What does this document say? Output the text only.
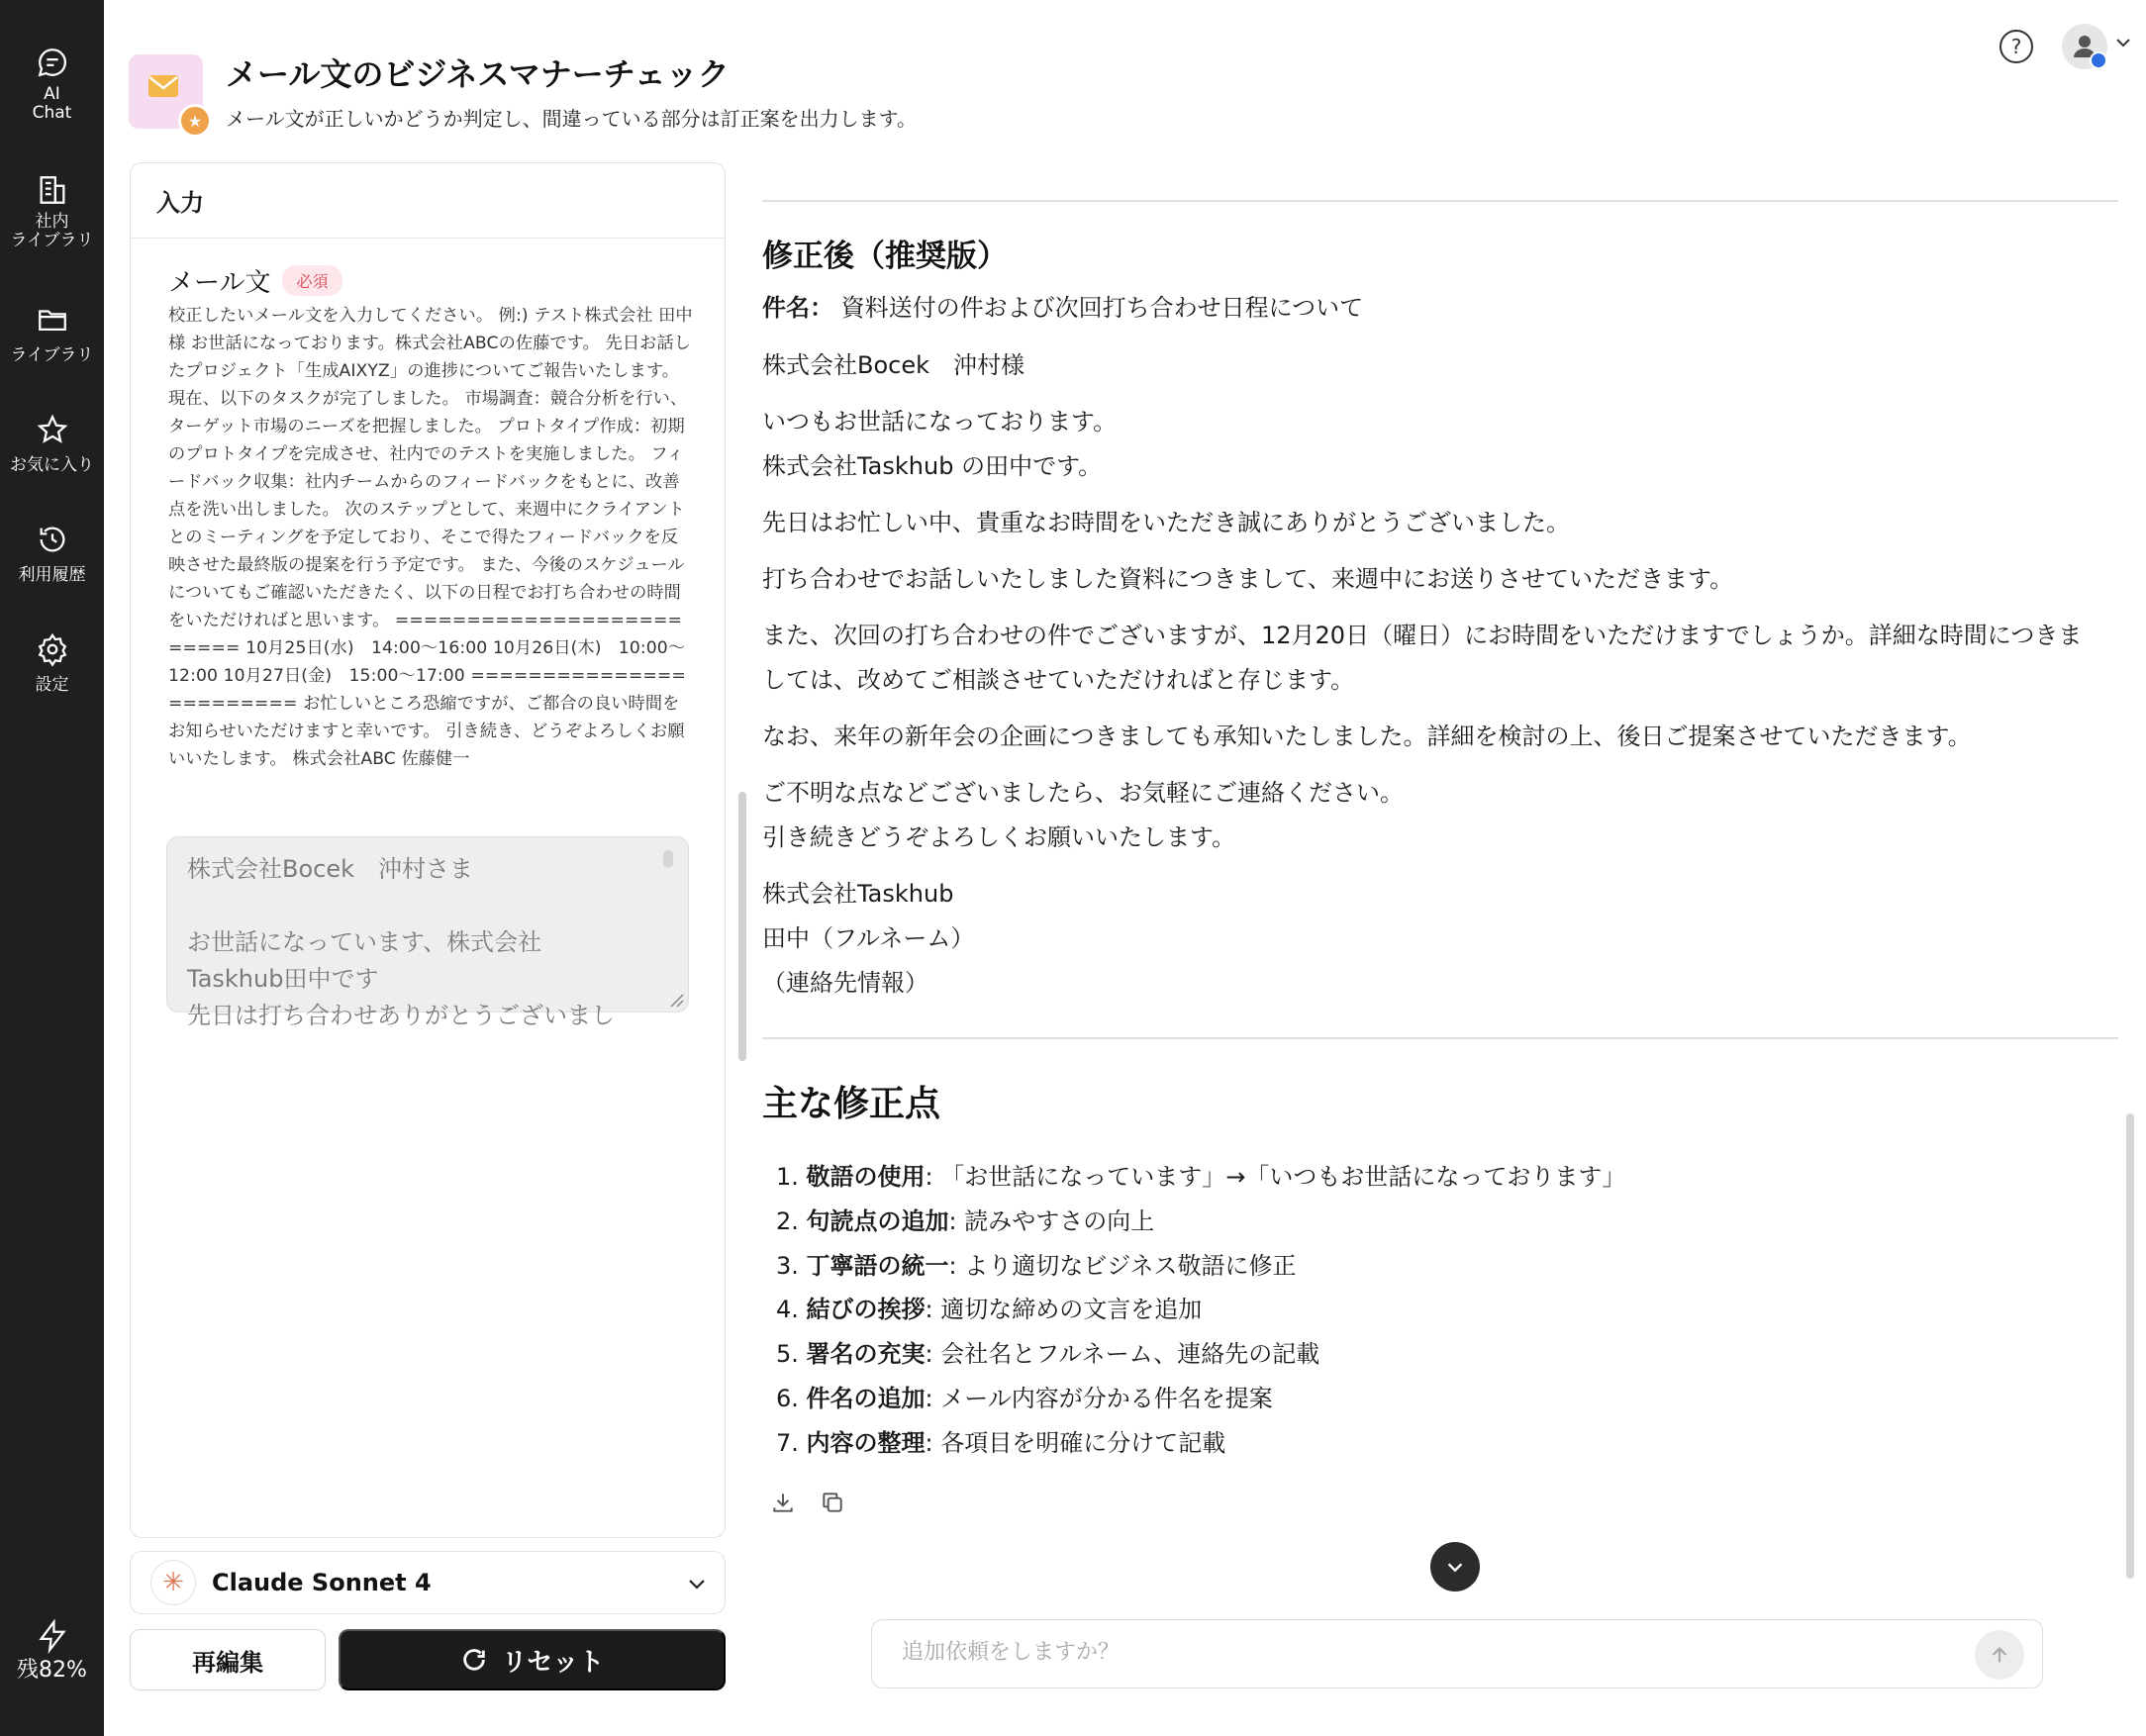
AI
Chat
社内
ライブラリ
ライブラリ
お気に入り
利用履歴
設定
残82%
★
メール文のビジネスマナーチェック

メール文が正しいかどうか判定し、間違っている部分は訂正案を出力します。

?
入力
メール文	必須

校正したいメール文を入力してください。 例:) テスト株式会社 田中様 お世話になっております。株式会社ABCの佐藤です。 先日お話したプロジェクト「生成AIXYZ」の進捗についてご報告いたします。現在、以下のタスクが完了しました。 市場調査：競合分析を行い、ターゲット市場のニーズを把握しました。 プロトタイプ作成：初期のプロトタイプを完成させ、社内でのテストを実施しました。 フィードバック収集：社内チームからのフィードバックをもとに、改善点を洗い出しました。 次のステップとして、来週中にクライアントとのミーティングを予定しており、そこで得たフィードバックを反映させた最終版の提案を行う予定です。 また、今後のスケジュールについてもご確認いただきたく、以下の日程でお打ち合わせの時間をいただければと思います。 ========================= 10月25日(水)　14:00〜16:00 10月26日(木)　10:00〜12:00 10月27日(金)　15:00〜17:00 ======================== お忙しいところ恐縮ですが、ご都合の良い時間をお知らせいただけますと幸いです。 引き続き、どうぞよろしくお願いいたします。 株式会社ABC 佐藤健一

株式会社Bocek　沖村さま

お世話になっています、株式会社
Taskhub田中です
先日は打ち合わせありがとうございまし
✳	Claude Sonnet 4
再編集	リセット
修正後（推奨版）
件名： 資料送付の件および次回打ち合わせ日程について

株式会社Bocek　沖村様

いつもお世話になっております。

株式会社Taskhub の田中です。

先日はお忙しい中、貴重なお時間をいただき誠にありがとうございました。

打ち合わせでお話しいたしました資料につきまして、来週中にお送りさせていただきます。

また、次回の打ち合わせの件でございますが、12月20日（曜日）にお時間をいただけますでしょうか。詳細な時間につきま

しては、改めてご相談させていただければと存じます。

なお、来年の新年会の企画につきましても承知いたしました。詳細を検討の上、後日ご提案させていただきます。

ご不明な点などございましたら、お気軽にご連絡ください。

引き続きどうぞよろしくお願いいたします。

株式会社Taskhub

田中（フルネーム）

（連絡先情報）

主な修正点
1. 敬語の使用: 「お世話になっています」→「いつもお世話になっております」
2. 句読点の追加: 読みやすさの向上
3. 丁寧語の統一: より適切なビジネス敬語に修正
4. 結びの挨拶: 適切な締めの文言を追加
5. 署名の充実: 会社名とフルネーム、連絡先の記載
6. 件名の追加: メール内容が分かる件名を提案
7. 内容の整理: 各項目を明確に分けて記載
追加依頼をしますか？
